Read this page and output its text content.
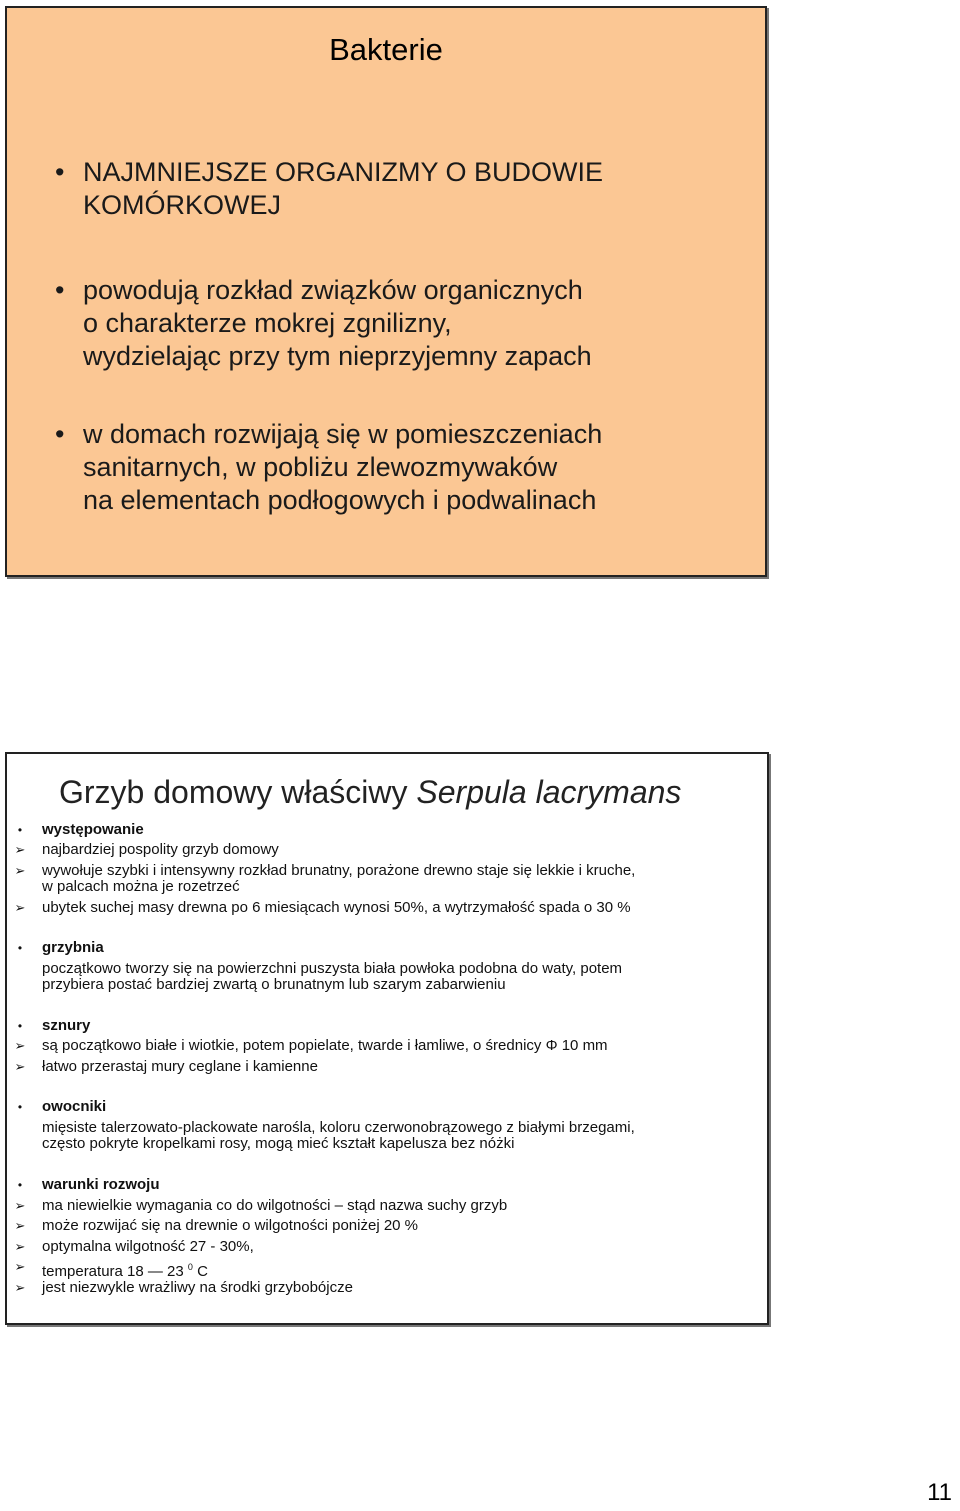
Bakterie
• NAJMNIEJSZE ORGANIZMY O BUDOWIE
KOMÓRKOWEJ
• powodują rozkład związków organicznych
o charakterze mokrej zgnilizny,
wydzielając przy tym nieprzyjemny zapach
• w domach rozwijają się w pomieszczeniach
sanitarnych, w pobliżu zlewozmywaków
na elementach podłogowych i podwalinach
Grzyb domowy właściwy Serpula lacrymans
•	występowanie
➢ najbardziej pospolity grzyb domowy
➢ wywołuje szybki i intensywny rozkład brunatny, porażone drewno staje się lekkie i kruche,
w palcach można je rozetrzeć
➢ ubytek suchej masy drewna po 6 miesiącach wynosi 50%, a wytrzymałość spada o 30 %
•	grzybnia
początkowo tworzy się na powierzchni puszysta biała powłoka podobna do waty, potem
przybiera postać bardziej zwartą o brunatnym lub szarym zabarwieniu
•	sznury
➢ są początkowo białe i wiotkie, potem popielate, twarde i łamliwe, o średnicy Φ 10 mm
➢ łatwo przerastaj mury ceglane i kamienne
•	owocniki
mięsiste talerzowato-plackowate narośla, koloru czerwonobrązowego z białymi brzegami,
często pokryte kropelkami rosy, mogą mieć kształt kapelusza bez nóżki
•	warunki rozwoju
➢ ma niewielkie wymagania co do wilgotności – stąd nazwa suchy grzyb
➢ może rozwijać się na drewnie o wilgotności poniżej 20 %
➢ optymalna wilgotność 27 - 30%,
➢ temperatura 18 — 23 $^0$ C
➢ jest niezwykle wrażliwy na środki grzybobójcze
11
